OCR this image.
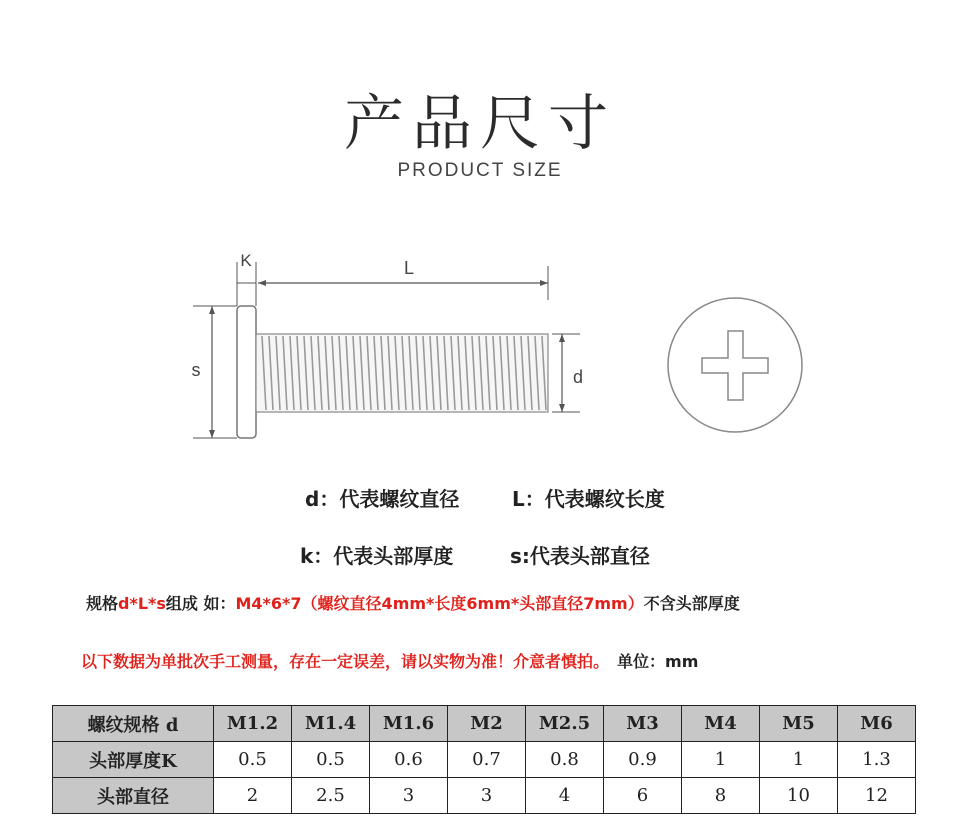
产品尺寸
PRODUCT SIZE
L
K
s	d
d：代表螺纹直径	L：代表螺纹长度
k：代表头部厚度	s:代表头部直径
规格d*L*s组成 如：M4*6*7（螺纹直径4mm*长度6mm*头部直径7mm）不含头部厚度
以下数据为单批次手工测量，存在一定误差，请以实物为准！介意者慎拍。 单位：mm
螺纹规格 d	M1.2	M1.4	M1.6	M2	M2.5	M3	M4	M5	M6
头部厚度K	0.5	0.5	0.6	0.7	0.8	0.9	1	1	1.3
头部直径	2	2.5	3	3	4	6	8	10	12
